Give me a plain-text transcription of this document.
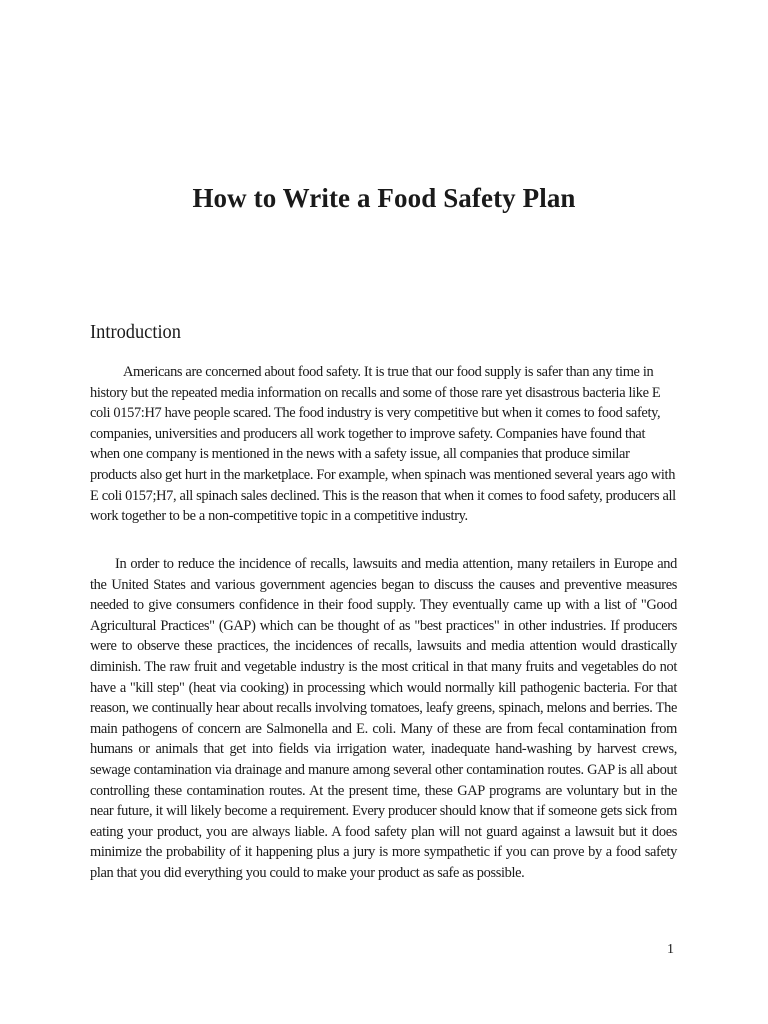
How to Write a Food Safety Plan
Introduction

Americans are concerned about food safety. It is true that our food supply is safer than any time in history but the repeated media information on recalls and some of those rare yet disastrous bacteria like E coli 0157:H7 have people scared. The food industry is very competitive but when it comes to food safety, companies, universities and producers all work together to improve safety. Companies have found that when one company is mentioned in the news with a safety issue, all companies that produce similar products also get hurt in the marketplace. For example, when spinach was mentioned several years ago with E coli 0157;H7, all spinach sales declined. This is the reason that when it comes to food safety, producers all work together to be a non-competitive topic in a competitive industry.

In order to reduce the incidence of recalls, lawsuits and media attention, many retailers in Europe and the United States and various government agencies began to discuss the causes and preventive measures needed to give consumers confidence in their food supply. They eventually came up with a list of "Good Agricultural Practices" (GAP) which can be thought of as "best practices" in other industries. If producers were to observe these practices, the incidences of recalls, lawsuits and media attention would drastically diminish. The raw fruit and vegetable industry is the most critical in that many fruits and vegetables do not have a "kill step" (heat via cooking) in processing which would normally kill pathogenic bacteria. For that reason, we continually hear about recalls involving tomatoes, leafy greens, spinach, melons and berries. The main pathogens of concern are Salmonella and E. coli. Many of these are from fecal contamination from humans or animals that get into fields via irrigation water, inadequate hand-washing by harvest crews, sewage contamination via drainage and manure among several other contamination routes. GAP is all about controlling these contamination routes. At the present time, these GAP programs are voluntary but in the near future, it will likely become a requirement. Every producer should know that if someone gets sick from eating your product, you are always liable. A food safety plan will not guard against a lawsuit but it does minimize the probability of it happening plus a jury is more sympathetic if you can prove by a food safety plan that you did everything you could to make your product as safe as possible.

1
